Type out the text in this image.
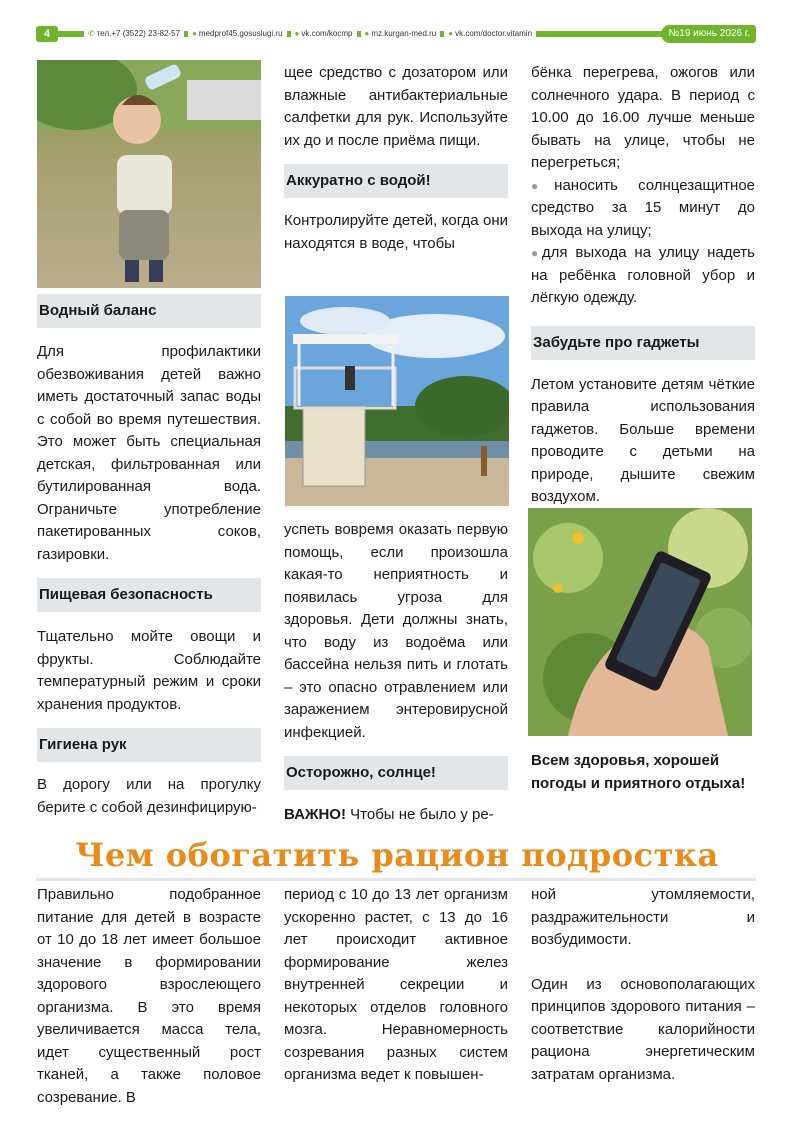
4	✆ тел.+7 (3522) 23-82-57	● medprof45.gosuslugi.ru	● vk.com/kocmp	● mz.kurgan-med.ru	● vk.com/doctor.vitamin	№19 июнь 2026 г.
Водный баланс

Для профилактики обезвоживания детей важно иметь достаточный запас воды с собой во время путешествия. Это может быть специальная детская, фильтрованная или бутилированная вода. Ограничьте употребление пакетированных соков, газировки.

Пищевая безопасность

Тщательно мойте овощи и фрукты. Соблюдайте температурный режим и сроки хранения продуктов.

Гигиена рук

В дорогу или на прогулку берите с собой дезинфицирую-

щее средство с дозатором или влажные антибактериальные салфетки для рук. Используйте их до и после приёма пищи.

Аккуратно с водой!

Контролируйте детей, когда они находятся в воде, чтобы

успеть вовремя оказать первую помощь, если произошла какая-то неприятность и появилась угроза для здоровья. Дети должны знать, что воду из водоёма или бассейна нельзя пить и глотать – это опасно отравлением или заражением энтеровирусной инфекцией.

Осторожно, солнце!

ВАЖНО! Чтобы не было у ре-

бёнка перегрева, ожогов или солнечного удара. В период с 10.00 до 16.00 лучше меньше бывать на улице, чтобы не перегреться;

●наносить солнцезащитное средство за 15 минут до выхода на улицу;

●для выхода на улицу надеть на ребёнка головной убор и лёгкую одежду.

Забудьте про гаджеты

Летом установите детям чёткие правила использования гаджетов. Больше времени проводите с детьми на природе, дышите свежим воздухом.

Всем здоровья, хорошей погоды и приятного отдыха!

Чем обогатить рацион подростка

Правильно подобранное питание для детей в возрасте от 10 до 18 лет имеет большое значение в формировании здорового взрослеющего организма. В это время увеличивается масса тела, идет существенный рост тканей, а также половое созревание. В

период с 10 до 13 лет организм ускоренно растет, с 13 до 16 лет происходит активное формирование желез внутренней секреции и некоторых отделов головного мозга. Неравномерность созревания разных систем организма ведет к повышен-

ной утомляемости, раздражительности и возбудимости.

Один из основополагающих принципов здорового питания – соответствие калорийности рациона энергетическим затратам организма.
